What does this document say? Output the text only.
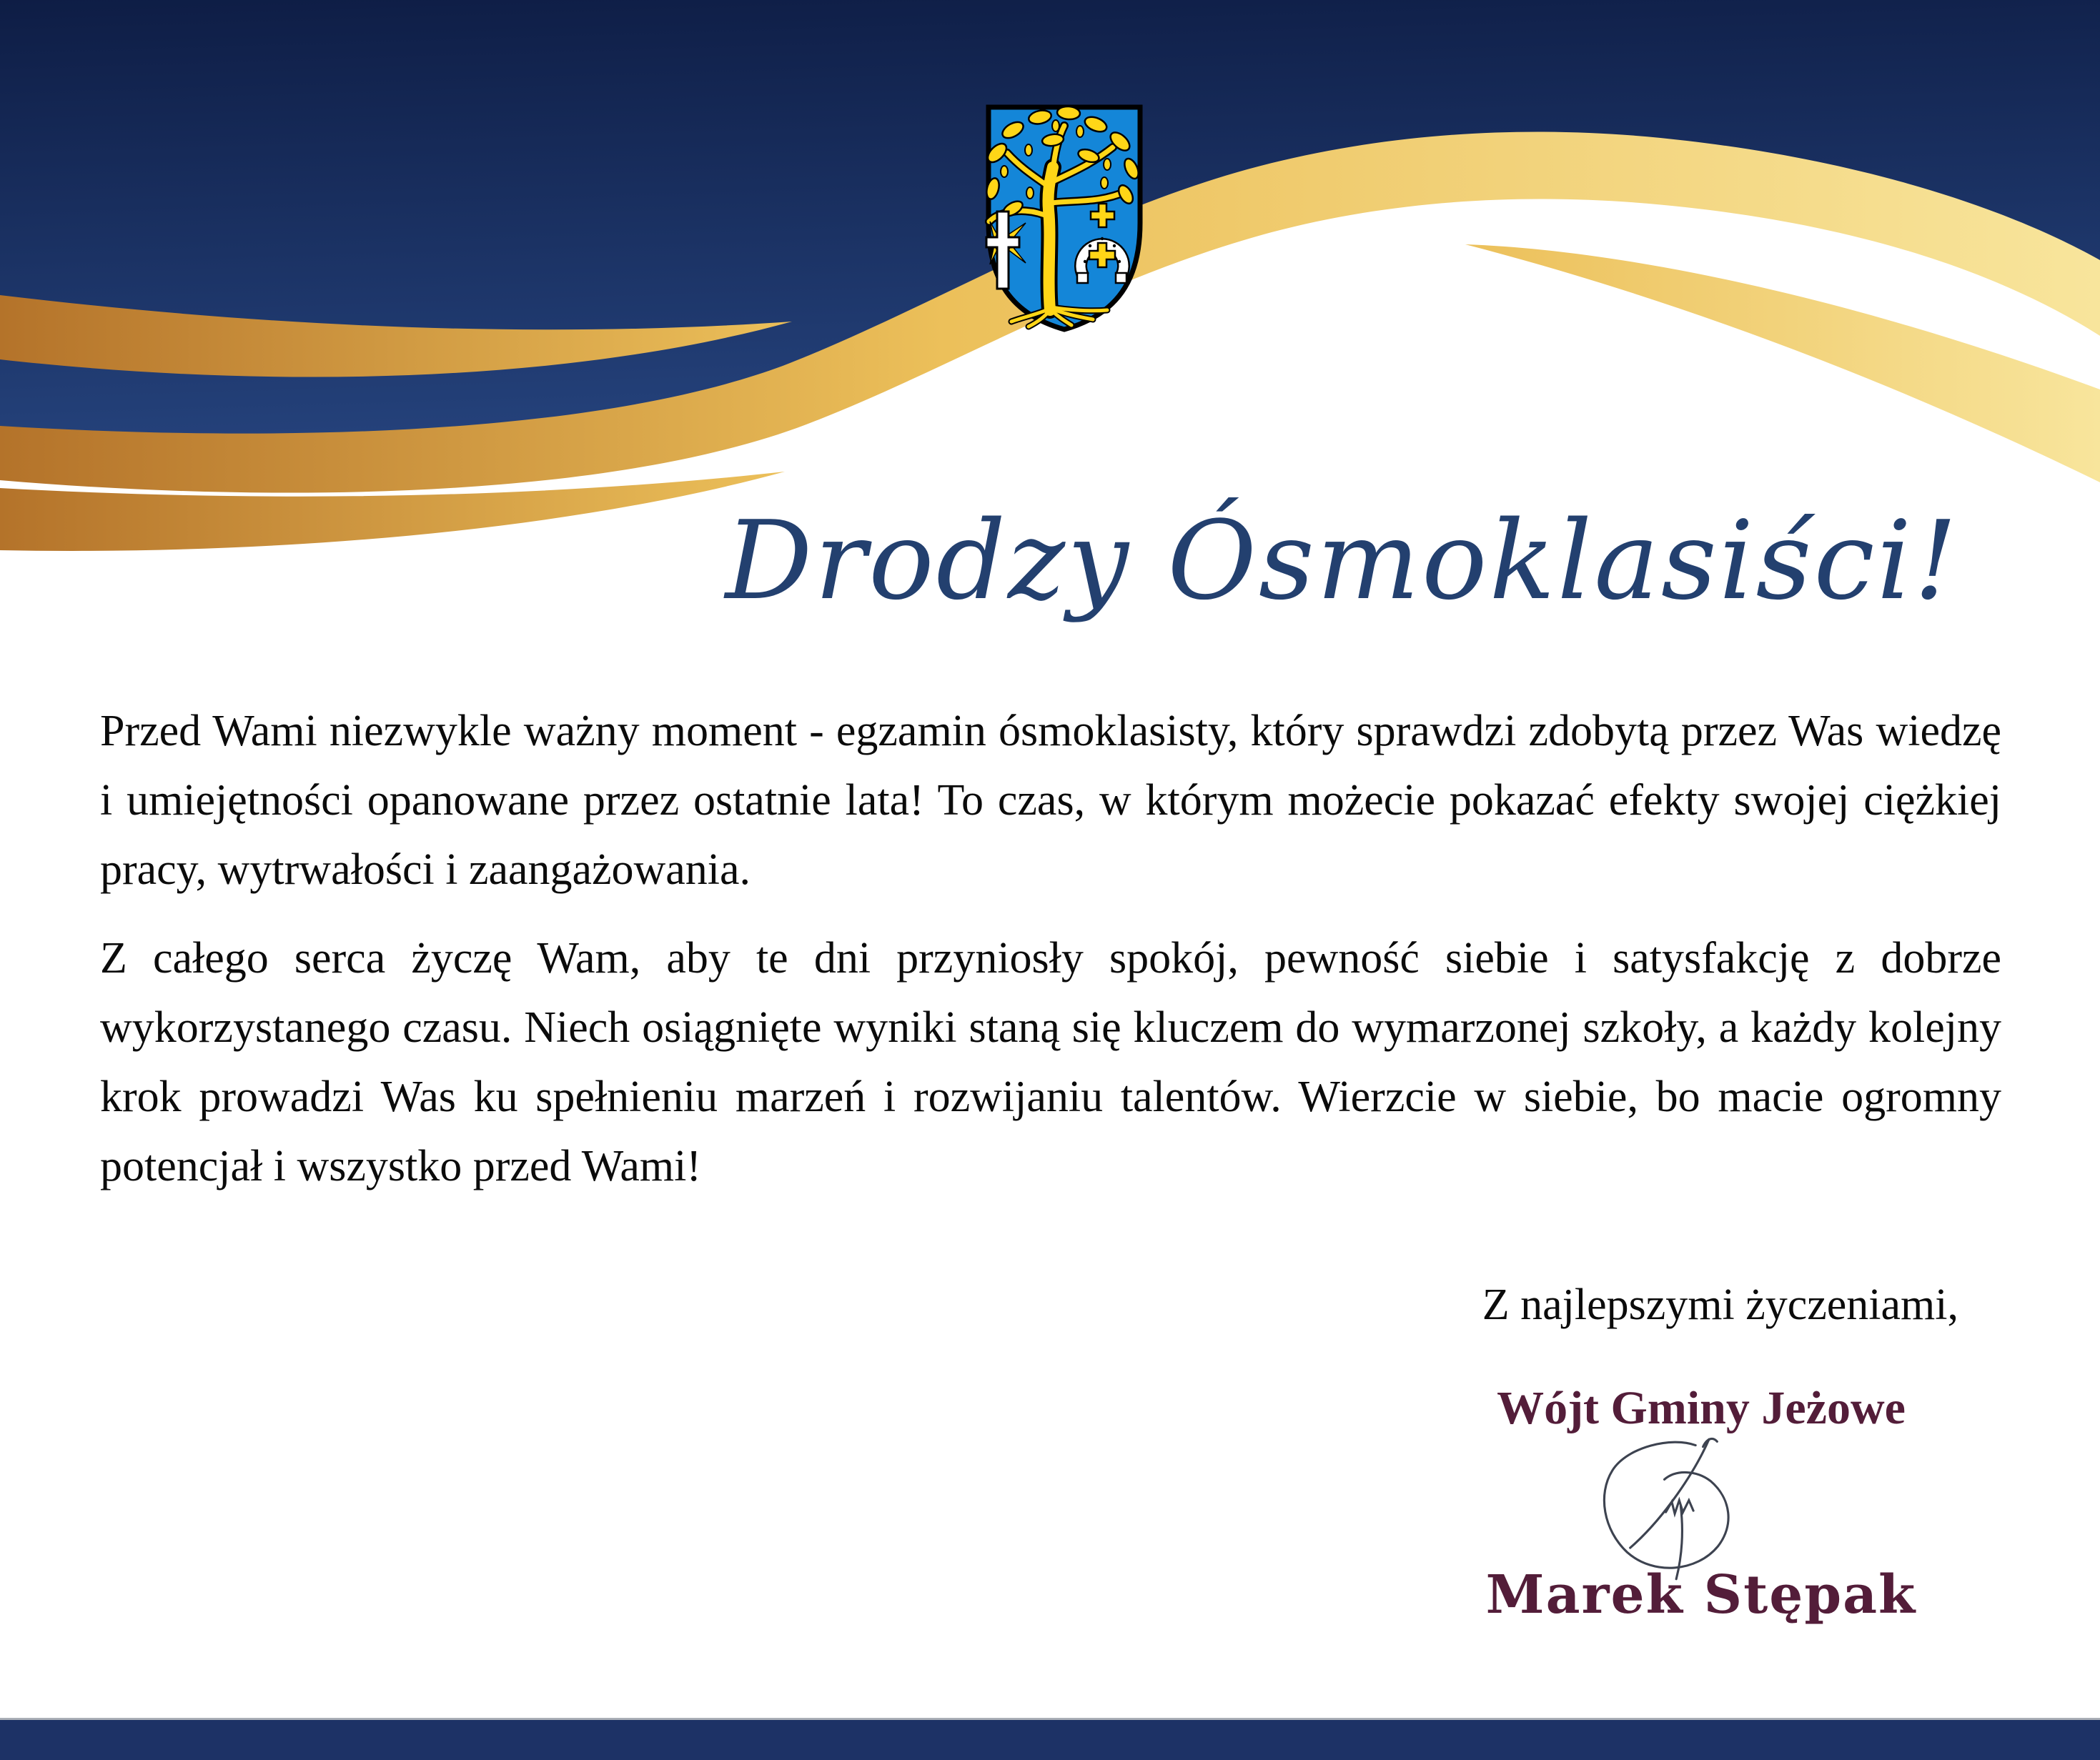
Drodzy Ósmoklasiści!
Przed Wami niezwykle ważny moment - egzamin ósmoklasisty, który sprawdzi zdobytą przez Was wiedzę i umiejętności opanowane przez ostatnie lata! To czas, w którym możecie pokazać efekty swojej ciężkiej pracy, wytrwałości i zaangażowania.
Z całego serca życzę Wam, aby te dni przyniosły spokój, pewność siebie i satysfakcję z dobrze wykorzystanego czasu. Niech osiągnięte wyniki staną się kluczem do wymarzonej szkoły, a każdy kolejny krok prowadzi Was ku spełnieniu marzeń i rozwijaniu talentów. Wierzcie w siebie, bo macie ogromny potencjał i wszystko przed Wami!
Z najlepszymi życzeniami,
Wójt Gminy Jeżowe
Marek Stępak
